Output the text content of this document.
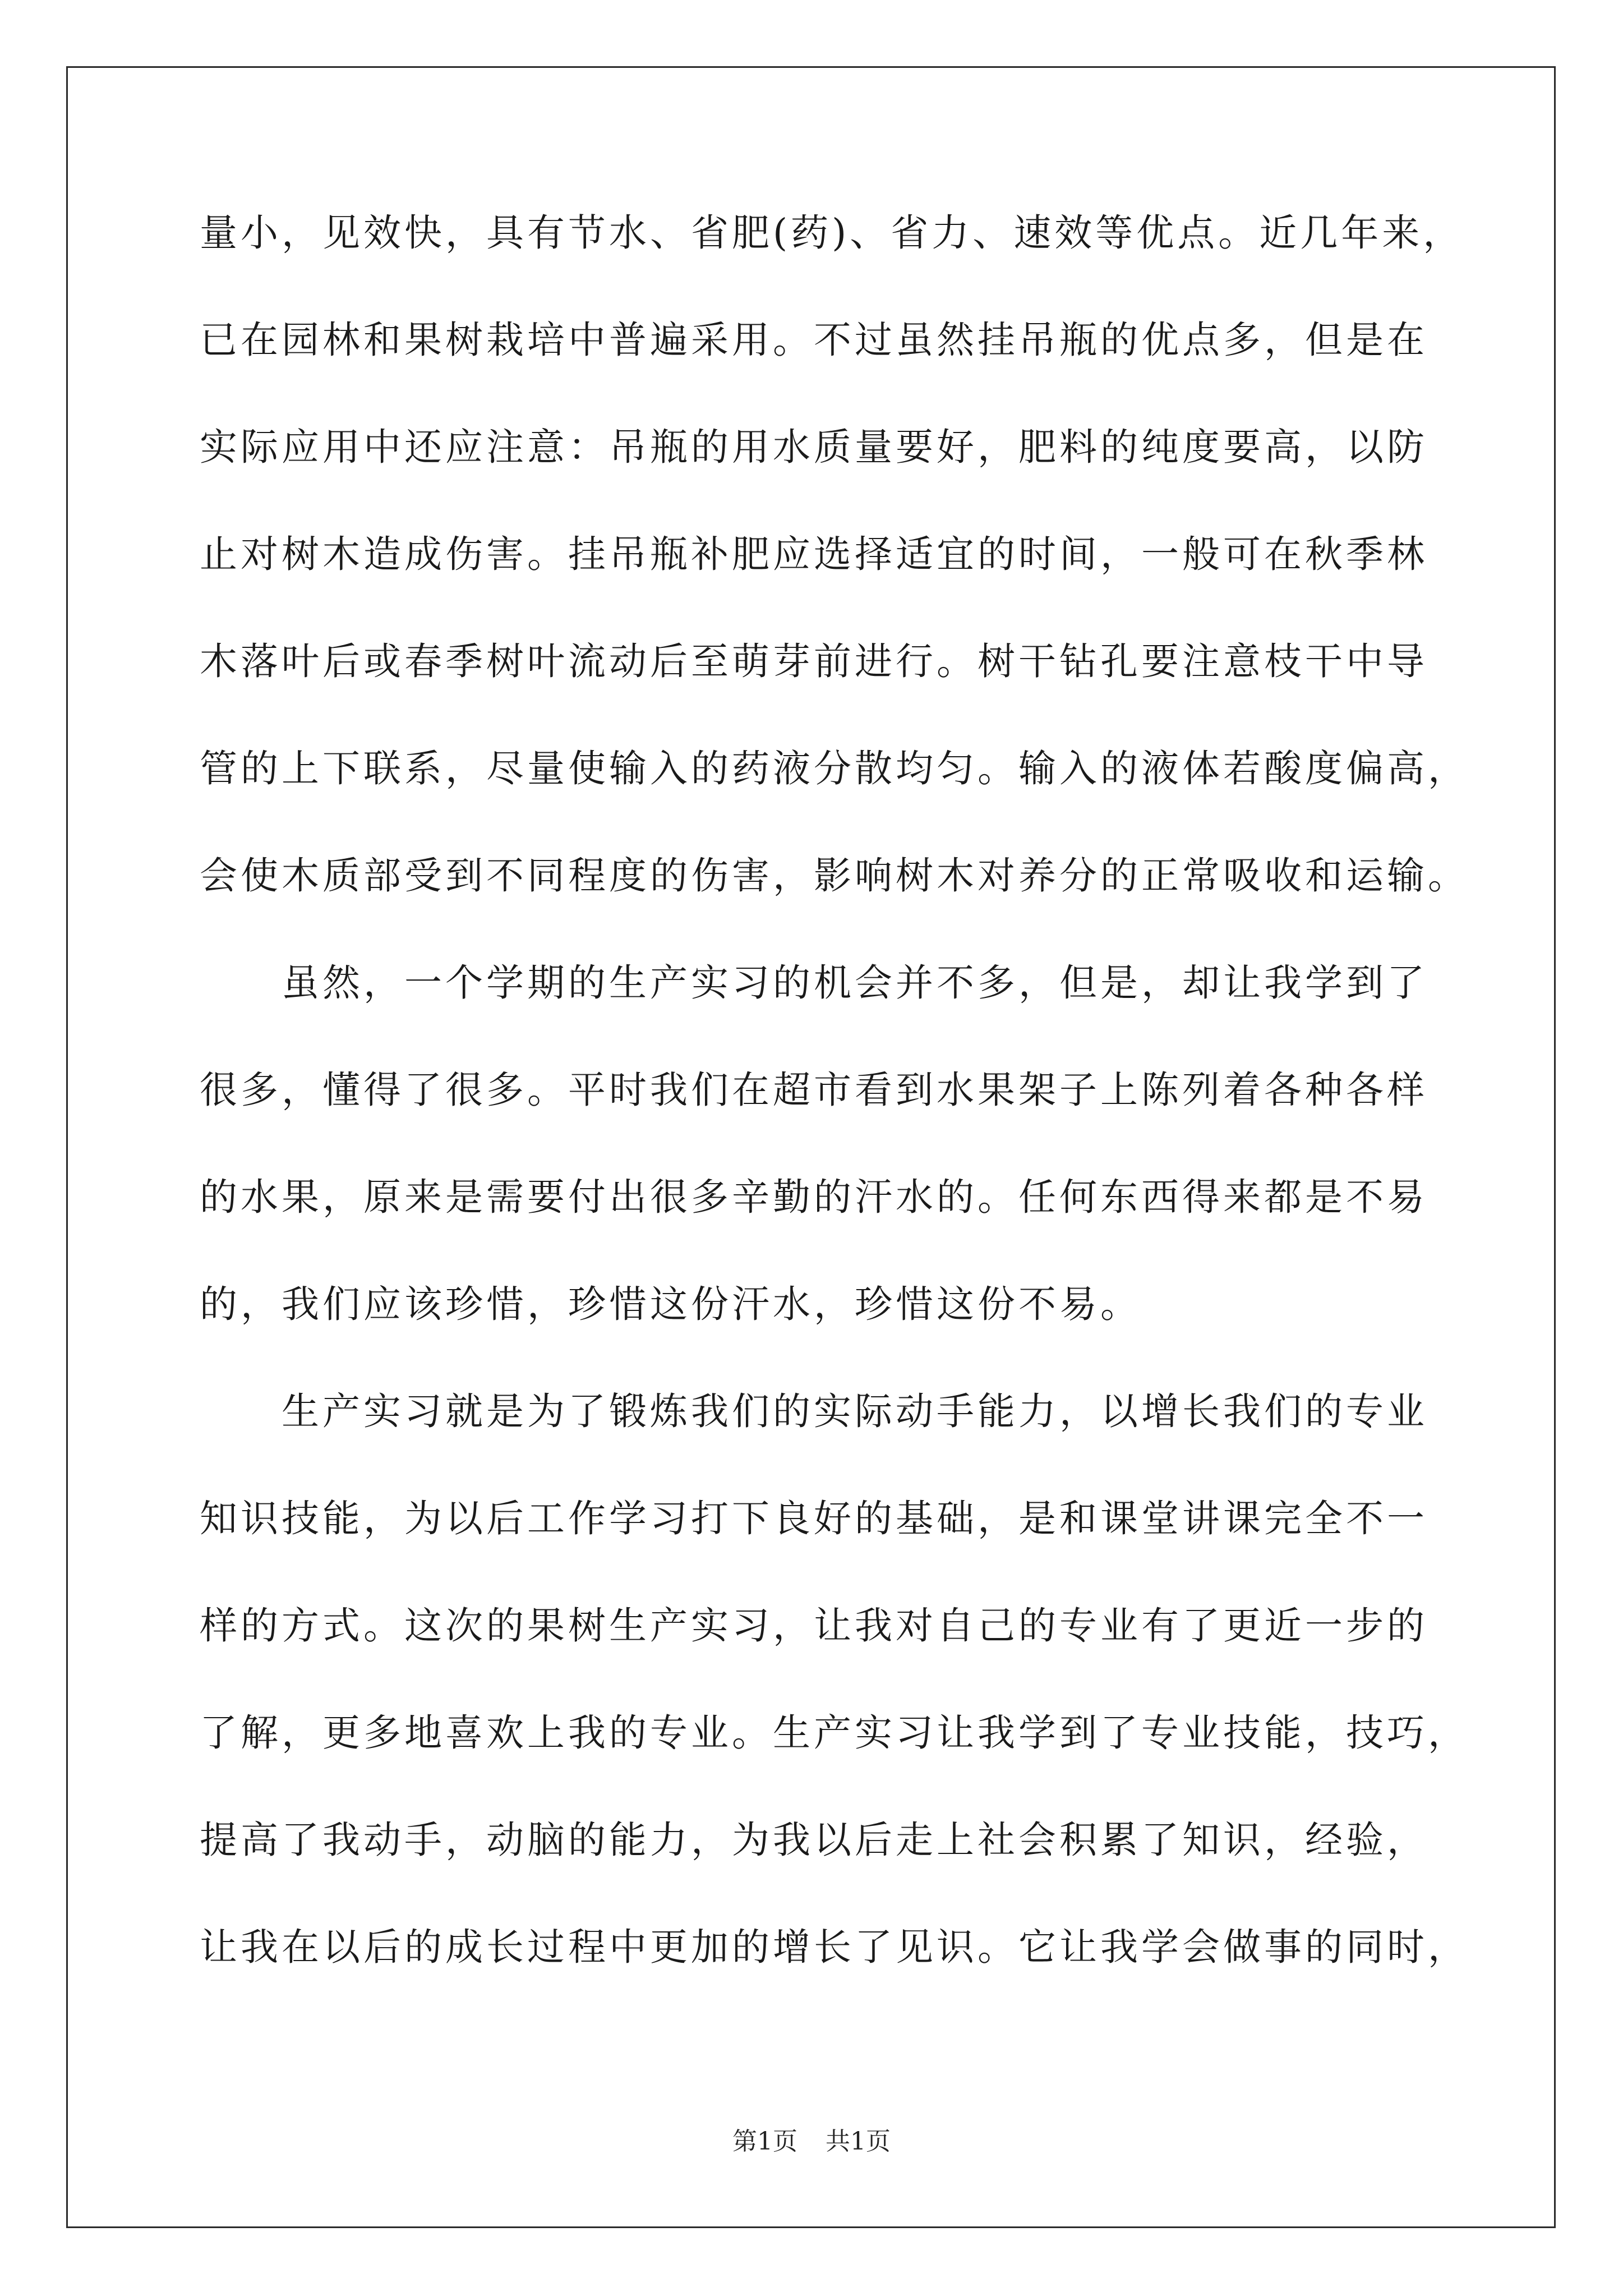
量小，见效快，具有节水、省肥(药)、省力、速效等优点。近几年来，
已在园林和果树栽培中普遍采用。不过虽然挂吊瓶的优点多，但是在
实际应用中还应注意：吊瓶的用水质量要好，肥料的纯度要高，以防
止对树木造成伤害。挂吊瓶补肥应选择适宜的时间，一般可在秋季林
木落叶后或春季树叶流动后至萌芽前进行。树干钻孔要注意枝干中导
管的上下联系，尽量使输入的药液分散均匀。输入的液体若酸度偏高，
会使木质部受到不同程度的伤害，影响树木对养分的正常吸收和运输。
　　虽然，一个学期的生产实习的机会并不多，但是，却让我学到了
很多，懂得了很多。平时我们在超市看到水果架子上陈列着各种各样
的水果，原来是需要付出很多辛勤的汗水的。任何东西得来都是不易
的，我们应该珍惜，珍惜这份汗水，珍惜这份不易。
　　生产实习就是为了锻炼我们的实际动手能力，以增长我们的专业
知识技能，为以后工作学习打下良好的基础，是和课堂讲课完全不一
样的方式。这次的果树生产实习，让我对自己的专业有了更近一步的
了解，更多地喜欢上我的专业。生产实习让我学到了专业技能，技巧，
提高了我动手，动脑的能力，为我以后走上社会积累了知识，经验，
让我在以后的成长过程中更加的增长了见识。它让我学会做事的同时，
第1页 共1页
